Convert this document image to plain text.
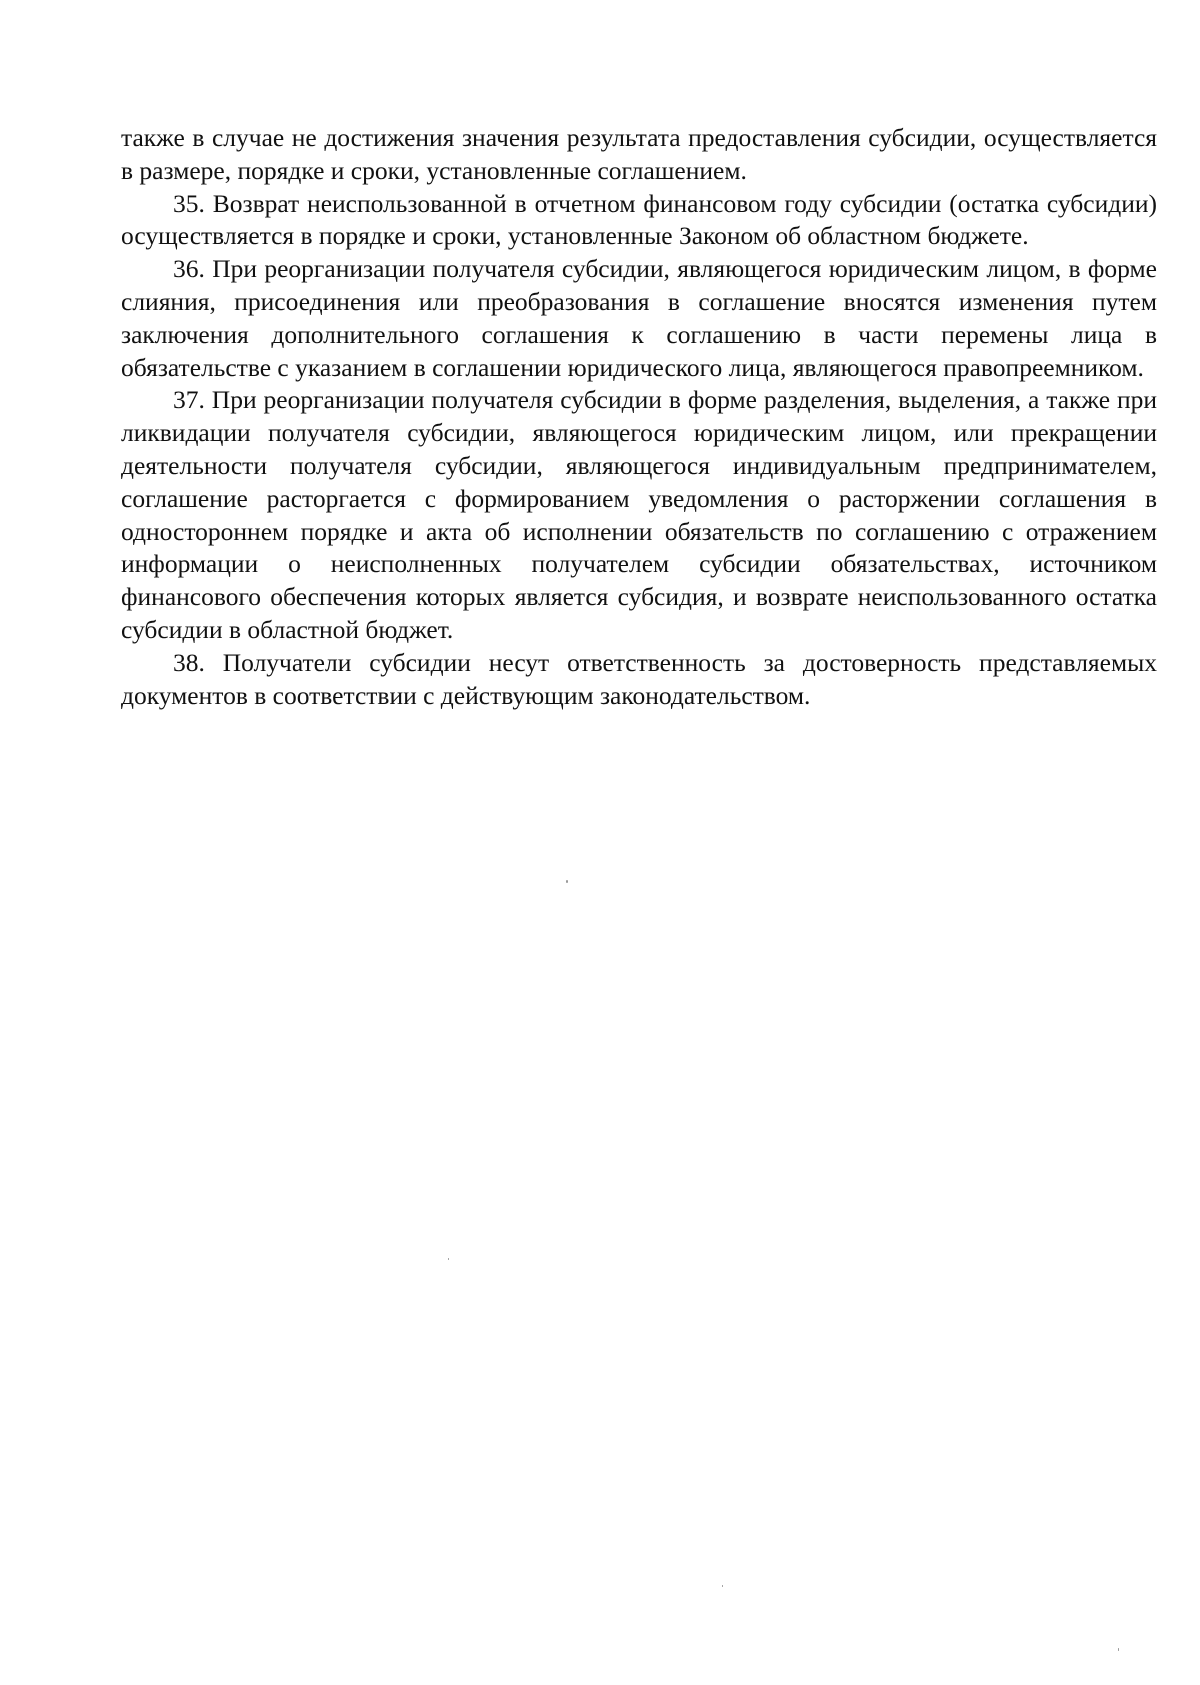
также в случае не достижения значения результата предоставления субсидии, осуществляется в размере, порядке и сроки, установленные соглашением.

35. Возврат неиспользованной в отчетном финансовом году субсидии (остатка субсидии) осуществляется в порядке и сроки, установленные Законом об областном бюджете.

36. При реорганизации получателя субсидии, являющегося юридическим лицом, в форме слияния, присоединения или преобразования в соглашение вносятся изменения путем заключения дополнительного соглашения к соглашению в части перемены лица в обязательстве с указанием в соглашении юридического лица, являющегося правопреемником.

37. При реорганизации получателя субсидии в форме разделения, выделения, а также при ликвидации получателя субсидии, являющегося юридическим лицом, или прекращении деятельности получателя субсидии, являющегося индивидуальным предпринимателем, соглашение расторгается с формированием уведомления о расторжении соглашения в одностороннем порядке и акта об исполнении обязательств по соглашению с отражением информации о неисполненных получателем субсидии обязательствах, источником финансового обеспечения которых является субсидия, и возврате неиспользованного остатка субсидии в областной бюджет.

38. Получатели субсидии несут ответственность за достоверность представляемых документов в соответствии с действующим законодательством.
